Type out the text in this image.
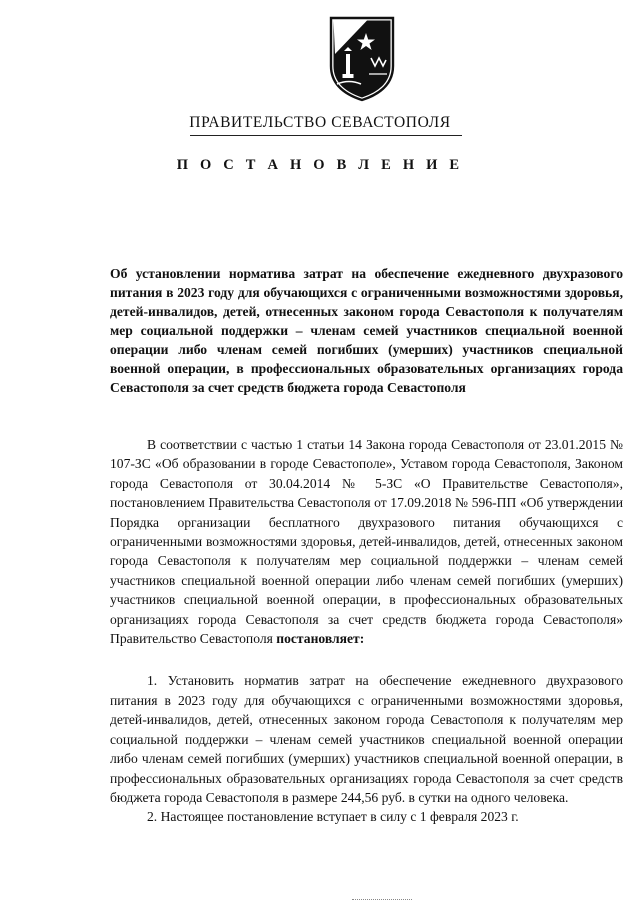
ПРАВИТЕЛЬСТВО СЕВАСТОПОЛЯ
П О С Т А Н О В Л Е Н И Е

Об установлении норматива затрат на обеспечение ежедневного двухразового питания в 2023 году для обучающихся с ограниченными возможностями здоровья, детей-инвалидов, детей, отнесенных законом города Севастополя к получателям мер социальной поддержки – членам семей участников специальной военной операции либо членам семей погибших (умерших) участников специальной военной операции, в профессиональных образовательных организациях города Севастополя за счет средств бюджета города Севастополя

В соответствии с частью 1 статьи 14 Закона города Севастополя от 23.01.2015 № 107-ЗС «Об образовании в городе Севастополе», Уставом города Севастополя, Законом города Севастополя от 30.04.2014 № 5-ЗС «О Правительстве Севастополя», постановлением Правительства Севастополя от 17.09.2018 № 596-ПП «Об утверждении Порядка организации бесплатного двухразового питания обучающихся с ограниченными возможностями здоровья, детей-инвалидов, детей, отнесенных законом города Севастополя к получателям мер социальной поддержки – членам семей участников специальной военной операции либо членам семей погибших (умерших) участников специальной военной операции, в профессиональных образовательных организациях города Севастополя за счет средств бюджета города Севастополя» Правительство Севастополя постановляет:

1. Установить норматив затрат на обеспечение ежедневного двухразового питания в 2023 году для обучающихся с ограниченными возможностями здоровья, детей-инвалидов, детей, отнесенных законом города Севастополя к получателям мер социальной поддержки – членам семей участников специальной военной операции либо членам семей погибших (умерших) участников специальной военной операции, в профессиональных образовательных организациях города Севастополя за счет средств бюджета города Севастополя в размере 244,56 руб. в сутки на одного человека.

2. Настоящее постановление вступает в силу с 1 февраля 2023 г.
